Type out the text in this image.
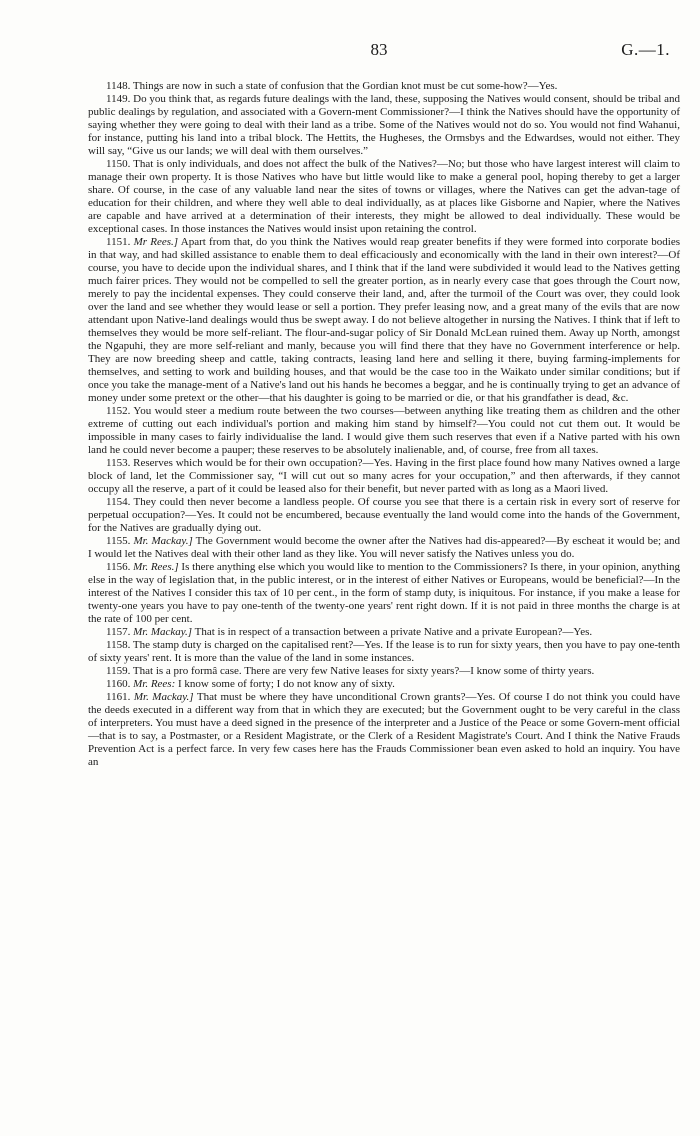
83	G.—1.

1148. Things are now in such a state of confusion that the Gordian knot must be cut some-how?—Yes.

1149. Do you think that, as regards future dealings with the land, these, supposing the Natives would consent, should be tribal and public dealings by regulation, and associated with a Govern-ment Commissioner?—I think the Natives should have the opportunity of saying whether they were going to deal with their land as a tribe. Some of the Natives would not do so. You would not find Wahanui, for instance, putting his land into a tribal block. The Hettits, the Hugheses, the Ormsbys and the Edwardses, would not either. They will say, “Give us our lands; we will deal with them ourselves.”

1150. That is only individuals, and does not affect the bulk of the Natives?—No; but those who have largest interest will claim to manage their own property. It is those Natives who have but little would like to make a general pool, hoping thereby to get a larger share. Of course, in the case of any valuable land near the sites of towns or villages, where the Natives can get the advan-tage of education for their children, and where they well able to deal individually, as at places like Gisborne and Napier, where the Natives are capable and have arrived at a determination of their interests, they might be allowed to deal individually. These would be exceptional cases. In those instances the Natives would insist upon retaining the control.

1151. Mr Rees.] Apart from that, do you think the Natives would reap greater benefits if they were formed into corporate bodies in that way, and had skilled assistance to enable them to deal efficaciously and economically with the land in their own interest?—Of course, you have to decide upon the individual shares, and I think that if the land were subdivided it would lead to the Natives getting much fairer prices. They would not be compelled to sell the greater portion, as in nearly every case that goes through the Court now, merely to pay the incidental expenses. They could conserve their land, and, after the turmoil of the Court was over, they could look over the land and see whether they would lease or sell a portion. They prefer leasing now, and a great many of the evils that are now attendant upon Native-land dealings would thus be swept away. I do not believe altogether in nursing the Natives. I think that if left to themselves they would be more self-reliant. The flour-and-sugar policy of Sir Donald McLean ruined them. Away up North, amongst the Ngapuhi, they are more self-reliant and manly, because you will find there that they have no Government interference or help. They are now breeding sheep and cattle, taking contracts, leasing land here and selling it there, buying farming-implements for themselves, and setting to work and building houses, and that would be the case too in the Waikato under similar conditions; but if once you take the manage-ment of a Native's land out his hands he becomes a beggar, and he is continually trying to get an advance of money under some pretext or the other—that his daughter is going to be married or die, or that his grandfather is dead, &c.

1152. You would steer a medium route between the two courses—between anything like treating them as children and the other extreme of cutting out each individual's portion and making him stand by himself?—You could not cut them out. It would be impossible in many cases to fairly individualise the land. I would give them such reserves that even if a Native parted with his own land he could never become a pauper; these reserves to be absolutely inalienable, and, of course, free from all taxes.

1153. Reserves which would be for their own occupation?—Yes. Having in the first place found how many Natives owned a large block of land, let the Commissioner say, “I will cut out so many acres for your occupation,” and then afterwards, if they cannot occupy all the reserve, a part of it could be leased also for their benefit, but never parted with as long as a Maori lived.

1154. They could then never become a landless people. Of course you see that there is a certain risk in every sort of reserve for perpetual occupation?—Yes. It could not be encumbered, because eventually the land would come into the hands of the Government, for the Natives are gradually dying out.

1155. Mr. Mackay.] The Government would become the owner after the Natives had dis-appeared?—By escheat it would be; and I would let the Natives deal with their other land as they like. You will never satisfy the Natives unless you do.

1156. Mr. Rees.] Is there anything else which you would like to mention to the Commissioners? Is there, in your opinion, anything else in the way of legislation that, in the public interest, or in the interest of either Natives or Europeans, would be beneficial?—In the interest of the Natives I consider this tax of 10 per cent., in the form of stamp duty, is iniquitous. For instance, if you make a lease for twenty-one years you have to pay one-tenth of the twenty-one years' rent right down. If it is not paid in three months the charge is at the rate of 100 per cent.

1157. Mr. Mackay.] That is in respect of a transaction between a private Native and a private European?—Yes.

1158. The stamp duty is charged on the capitalised rent?—Yes. If the lease is to run for sixty years, then you have to pay one-tenth of sixty years' rent. It is more than the value of the land in some instances.

1159. That is a pro formâ case. There are very few Native leases for sixty years?—I know some of thirty years.

1160. Mr. Rees: I know some of forty; I do not know any of sixty.

1161. Mr. Mackay.] That must be where they have unconditional Crown grants?—Yes. Of course I do not think you could have the deeds executed in a different way from that in which they are executed; but the Government ought to be very careful in the class of interpreters. You must have a deed signed in the presence of the interpreter and a Justice of the Peace or some Govern-ment official—that is to say, a Postmaster, or a Resident Magistrate, or the Clerk of a Resident Magistrate's Court. And I think the Native Frauds Prevention Act is a perfect farce. In very few cases here has the Frauds Commissioner bean even asked to hold an inquiry. You have an
